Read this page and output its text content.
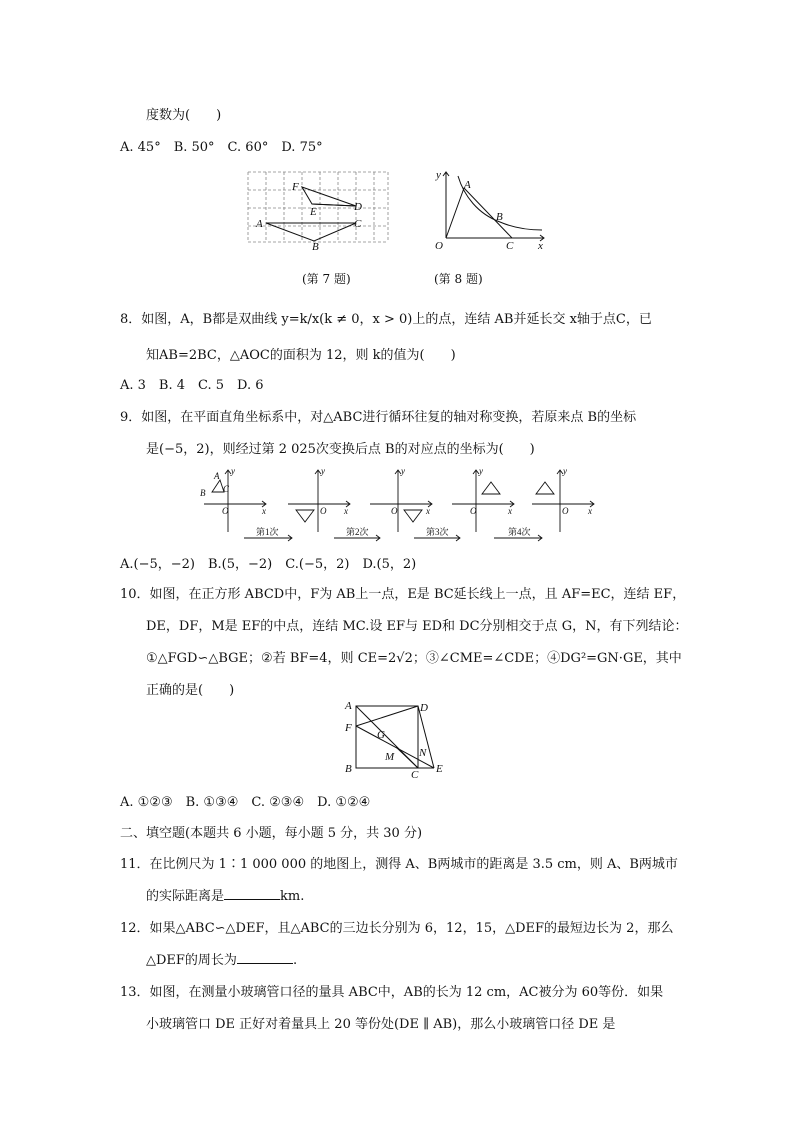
度数为(　　)
A. 45°　B. 50°　C. 60°　D. 75°
F
E	D
A	C
B
(第 7 题)
y
A
B
O	C x
(第 8 题)
8．如图，A，B都是双曲线 y=k/x(k ≠ 0，x > 0)上的点，连结 AB并延长交 x轴于点C，已
知AB=2BC，△AOC的面积为 12，则 k的值为(　　)
A. 3　B. 4　C. 5　D. 6
9．如图，在平面直角坐标系中，对△ABC进行循环往复的轴对称变换，若原来点 B的坐标
是(−5，2)，则经过第 2 025次变换后点 B的对应点的坐标为(　　)
第1次	第2次	第3次	第4次
A
B C
y
x
O
y
x
O
y
x
O
y
x
O
y
x
O
A.(−5，−2)　B.(5，−2)　C.(−5，2)　D.(5，2)
10．如图，在正方形 ABCD中，F为 AB上一点，E是 BC延长线上一点，且 AF=EC，连结 EF，
DE，DF，M是 EF的中点，连结 MC.设 EF与 ED和 DC分别相交于点 G，N，有下列结论：
①△FGD∽△BGE；②若 BF=4，则 CE=2√2；③∠CME=∠CDE；④DG²=GN·GE，其中
正确的是(　　)
A	D
F
G
M N
B	C E
A. ①②③　B. ①③④　C. ②③④　D. ①②④
二、填空题(本题共 6 小题，每小题 5 分，共 30 分)
11．在比例尺为 1∶1 000 000 的地图上，测得 A、B两城市的距离是 3.5 cm，则 A、B两城市
的实际距离是	km.
12．如果△ABC∽△DEF，且△ABC的三边长分别为 6，12，15，△DEF的最短边长为 2，那么
△DEF的周长为	.
13．如图，在测量小玻璃管口径的量具 ABC中，AB的长为 12 cm，AC被分为 60等份．如果
小玻璃管口 DE 正好对着量具上 20 等份处(DE ∥ AB)，那么小玻璃管口径 DE 是
